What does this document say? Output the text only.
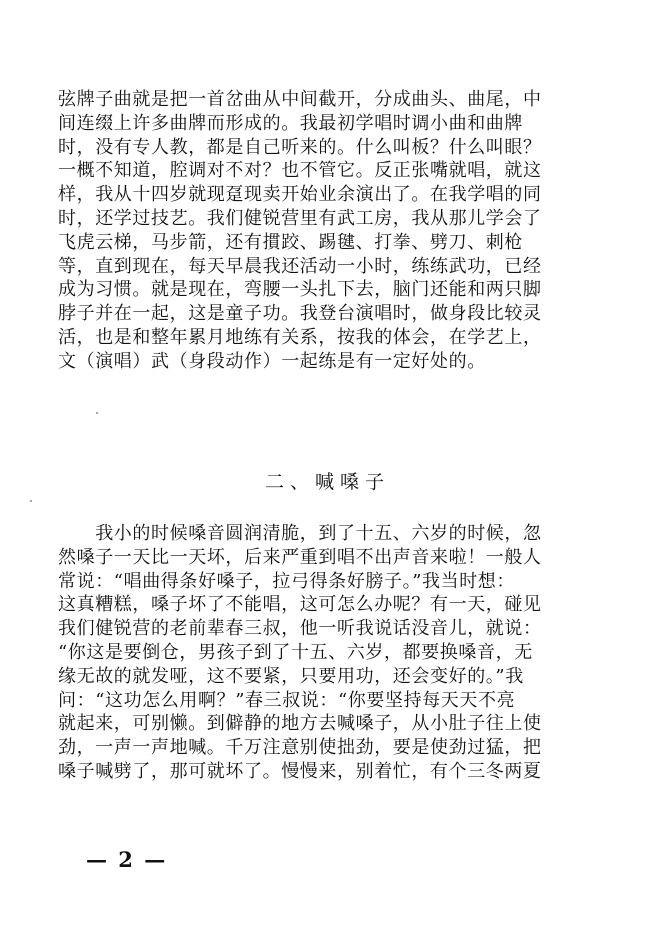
弦牌子曲就是把一首岔曲从中间截开，分成曲头、曲尾，中
间连缀上许多曲牌而形成的。我最初学唱时调小曲和曲牌
时，没有专人教，都是自己听来的。什么叫板？什么叫眼？
一概不知道，腔调对不对？也不管它。反正张嘴就唱，就这
样，我从十四岁就现趸现卖开始业余演出了。在我学唱的同
时，还学过技艺。我们健锐营里有武工房，我从那儿学会了
飞虎云梯，马步箭，还有摜跤、踢毽、打拳、劈刀、刺枪
等，直到现在，每天早晨我还活动一小时，练练武功，已经
成为习惯。就是现在，弯腰一头扎下去，脑门还能和两只脚
脖子并在一起，这是童子功。我登台演唱时，做身段比较灵
活，也是和整年累月地练有关系，按我的体会，在学艺上，
文（演唱）武（身段动作）一起练是有一定好处的。
二、喊嗓子
　　我小的时候嗓音圆润清脆，到了十五、六岁的时候，忽
然嗓子一天比一天坏，后来严重到唱不出声音来啦！一般人
常说：“唱曲得条好嗓子，拉弓得条好膀子。”我当时想：
这真糟糕，嗓子坏了不能唱，这可怎么办呢？有一天，碰见
我们健锐营的老前辈春三叔，他一听我说话没音儿，就说：
“你这是要倒仓，男孩子到了十五、六岁，都要换嗓音，无
缘无故的就发哑，这不要紧，只要用功，还会变好的。”我
问：“这功怎么用啊？”春三叔说：“你要坚持每天天不亮
就起来，可别懒。到僻静的地方去喊嗓子，从小肚子往上使
劲，一声一声地喊。千万注意别使拙劲，要是使劲过猛，把
嗓子喊劈了，那可就坏了。慢慢来，别着忙，有个三冬两夏
— 2 —
